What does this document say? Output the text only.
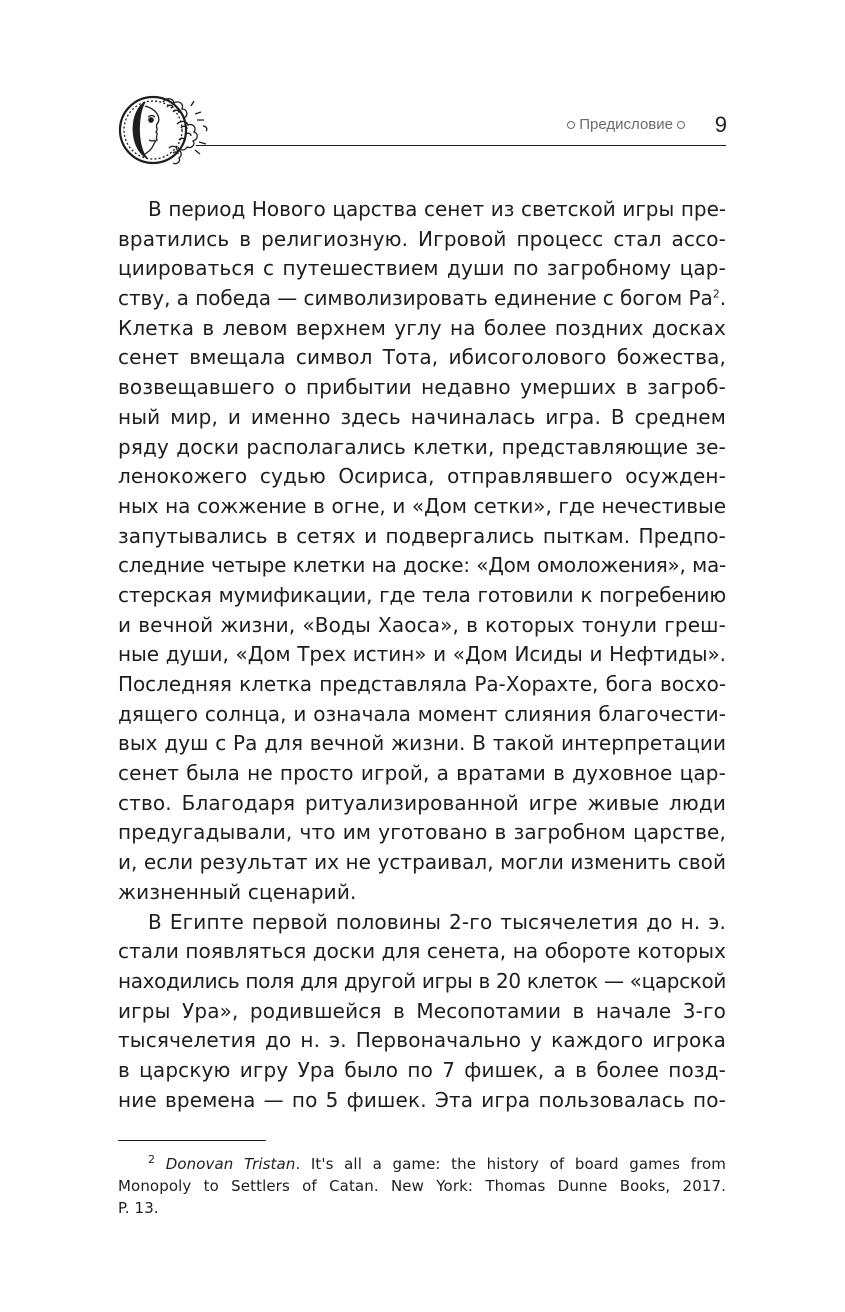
Предисловие 9
В период Нового царства сенет из светской игры пре-
вратились в религиозную. Игровой процесс стал ассо-
циироваться с путешествием души по загробному цар-
ству, а победа — символизировать единение с богом $Ра^2$.
Клетка в левом верхнем углу на более поздних досках
сенет вмещала символ Тота, ибисоголового божества,
возвещавшего о прибытии недавно умерших в загроб-
ный мир, и именно здесь начиналась игра. В среднем
ряду доски располагались клетки, представляющие зе-
ленокожего судью Осириса, отправлявшего осужден-
ных на сожжение в огне, и «Дом сетки», где нечестивые
запутывались в сетях и подвергались пыткам. Предпо-
следние четыре клетки на доске: «Дом омоложения», ма-
стерская мумификации, где тела готовили к погребению
и вечной жизни, «Воды Хаоса», в которых тонули греш-
ные души, «Дом Трех истин» и «Дом Исиды и Нефтиды».
Последняя клетка представляла Ра-Хорахте, бога восхо-
дящего солнца, и означала момент слияния благочести-
вых душ с Ра для вечной жизни. В такой интерпретации
сенет была не просто игрой, а вратами в духовное цар-
ство. Благодаря ритуализированной игре живые люди
предугадывали, что им уготовано в загробном царстве,
и, если результат их не устраивал, могли изменить свой
жизненный сценарий.
В Египте первой половины 2-го тысячелетия до н. э.
стали появляться доски для сенета, на обороте которых
находились поля для другой игры в 20 клеток — «царской
игры Ура», родившейся в Месопотамии в начале 3-го
тысячелетия до н. э. Первоначально у каждого игрока
в царскую игру Ура было по 7 фишек, а в более позд-
ние времена — по 5 фишек. Эта игра пользовалась по-
$^2$ Donovan Tristan. It's all a game: the history of board games from
Monopoly to Settlers of Catan. New York: Thomas Dunne Books, 2017.
P. 13.
